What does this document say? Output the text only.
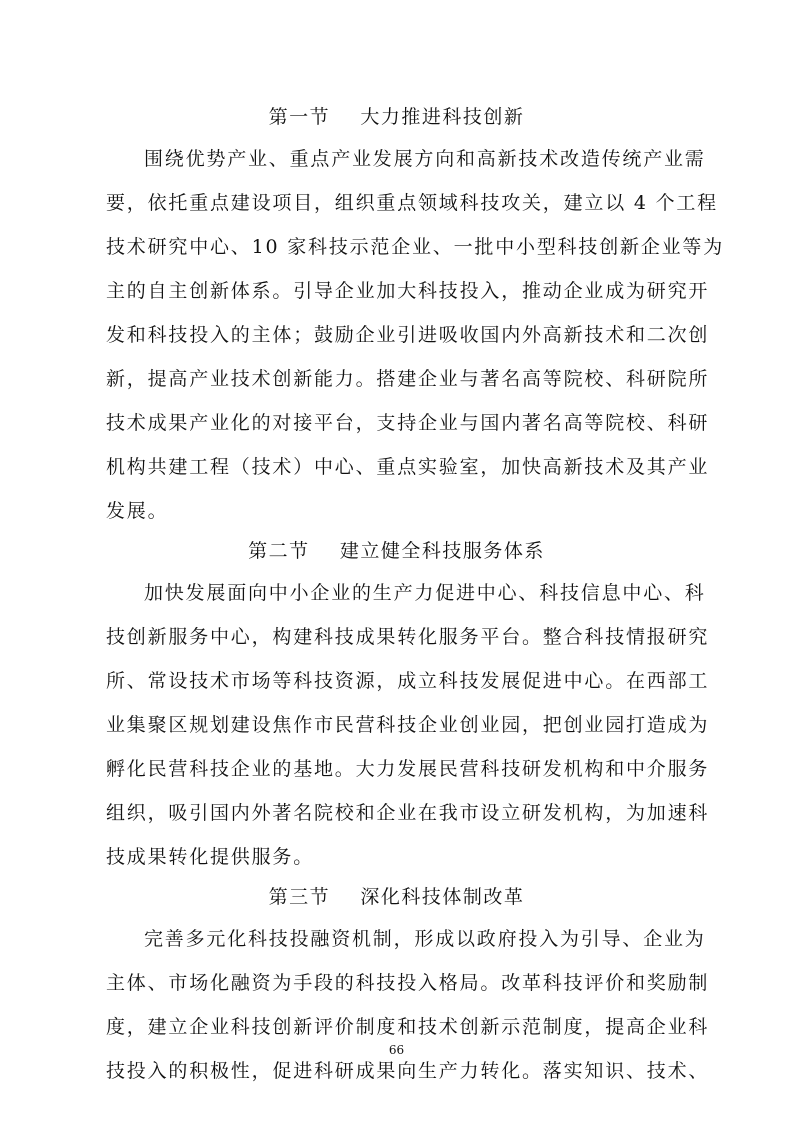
第一节    大力推进科技创新
围绕优势产业、重点产业发展方向和高新技术改造传统产业需
要，依托重点建设项目，组织重点领域科技攻关，建立以 4 个工程
技术研究中心、10 家科技示范企业、一批中小型科技创新企业等为
主的自主创新体系。引导企业加大科技投入，推动企业成为研究开
发和科技投入的主体；鼓励企业引进吸收国内外高新技术和二次创
新，提高产业技术创新能力。搭建企业与著名高等院校、科研院所
技术成果产业化的对接平台，支持企业与国内著名高等院校、科研
机构共建工程（技术）中心、重点实验室，加快高新技术及其产业
发展。
第二节    建立健全科技服务体系
加快发展面向中小企业的生产力促进中心、科技信息中心、科
技创新服务中心，构建科技成果转化服务平台。整合科技情报研究
所、常设技术市场等科技资源，成立科技发展促进中心。在西部工
业集聚区规划建设焦作市民营科技企业创业园，把创业园打造成为
孵化民营科技企业的基地。大力发展民营科技研发机构和中介服务
组织，吸引国内外著名院校和企业在我市设立研发机构，为加速科
技成果转化提供服务。
第三节    深化科技体制改革
完善多元化科技投融资机制，形成以政府投入为引导、企业为
主体、市场化融资为手段的科技投入格局。改革科技评价和奖励制
度，建立企业科技创新评价制度和技术创新示范制度，提高企业科
技投入的积极性，促进科研成果向生产力转化。落实知识、技术、
66
